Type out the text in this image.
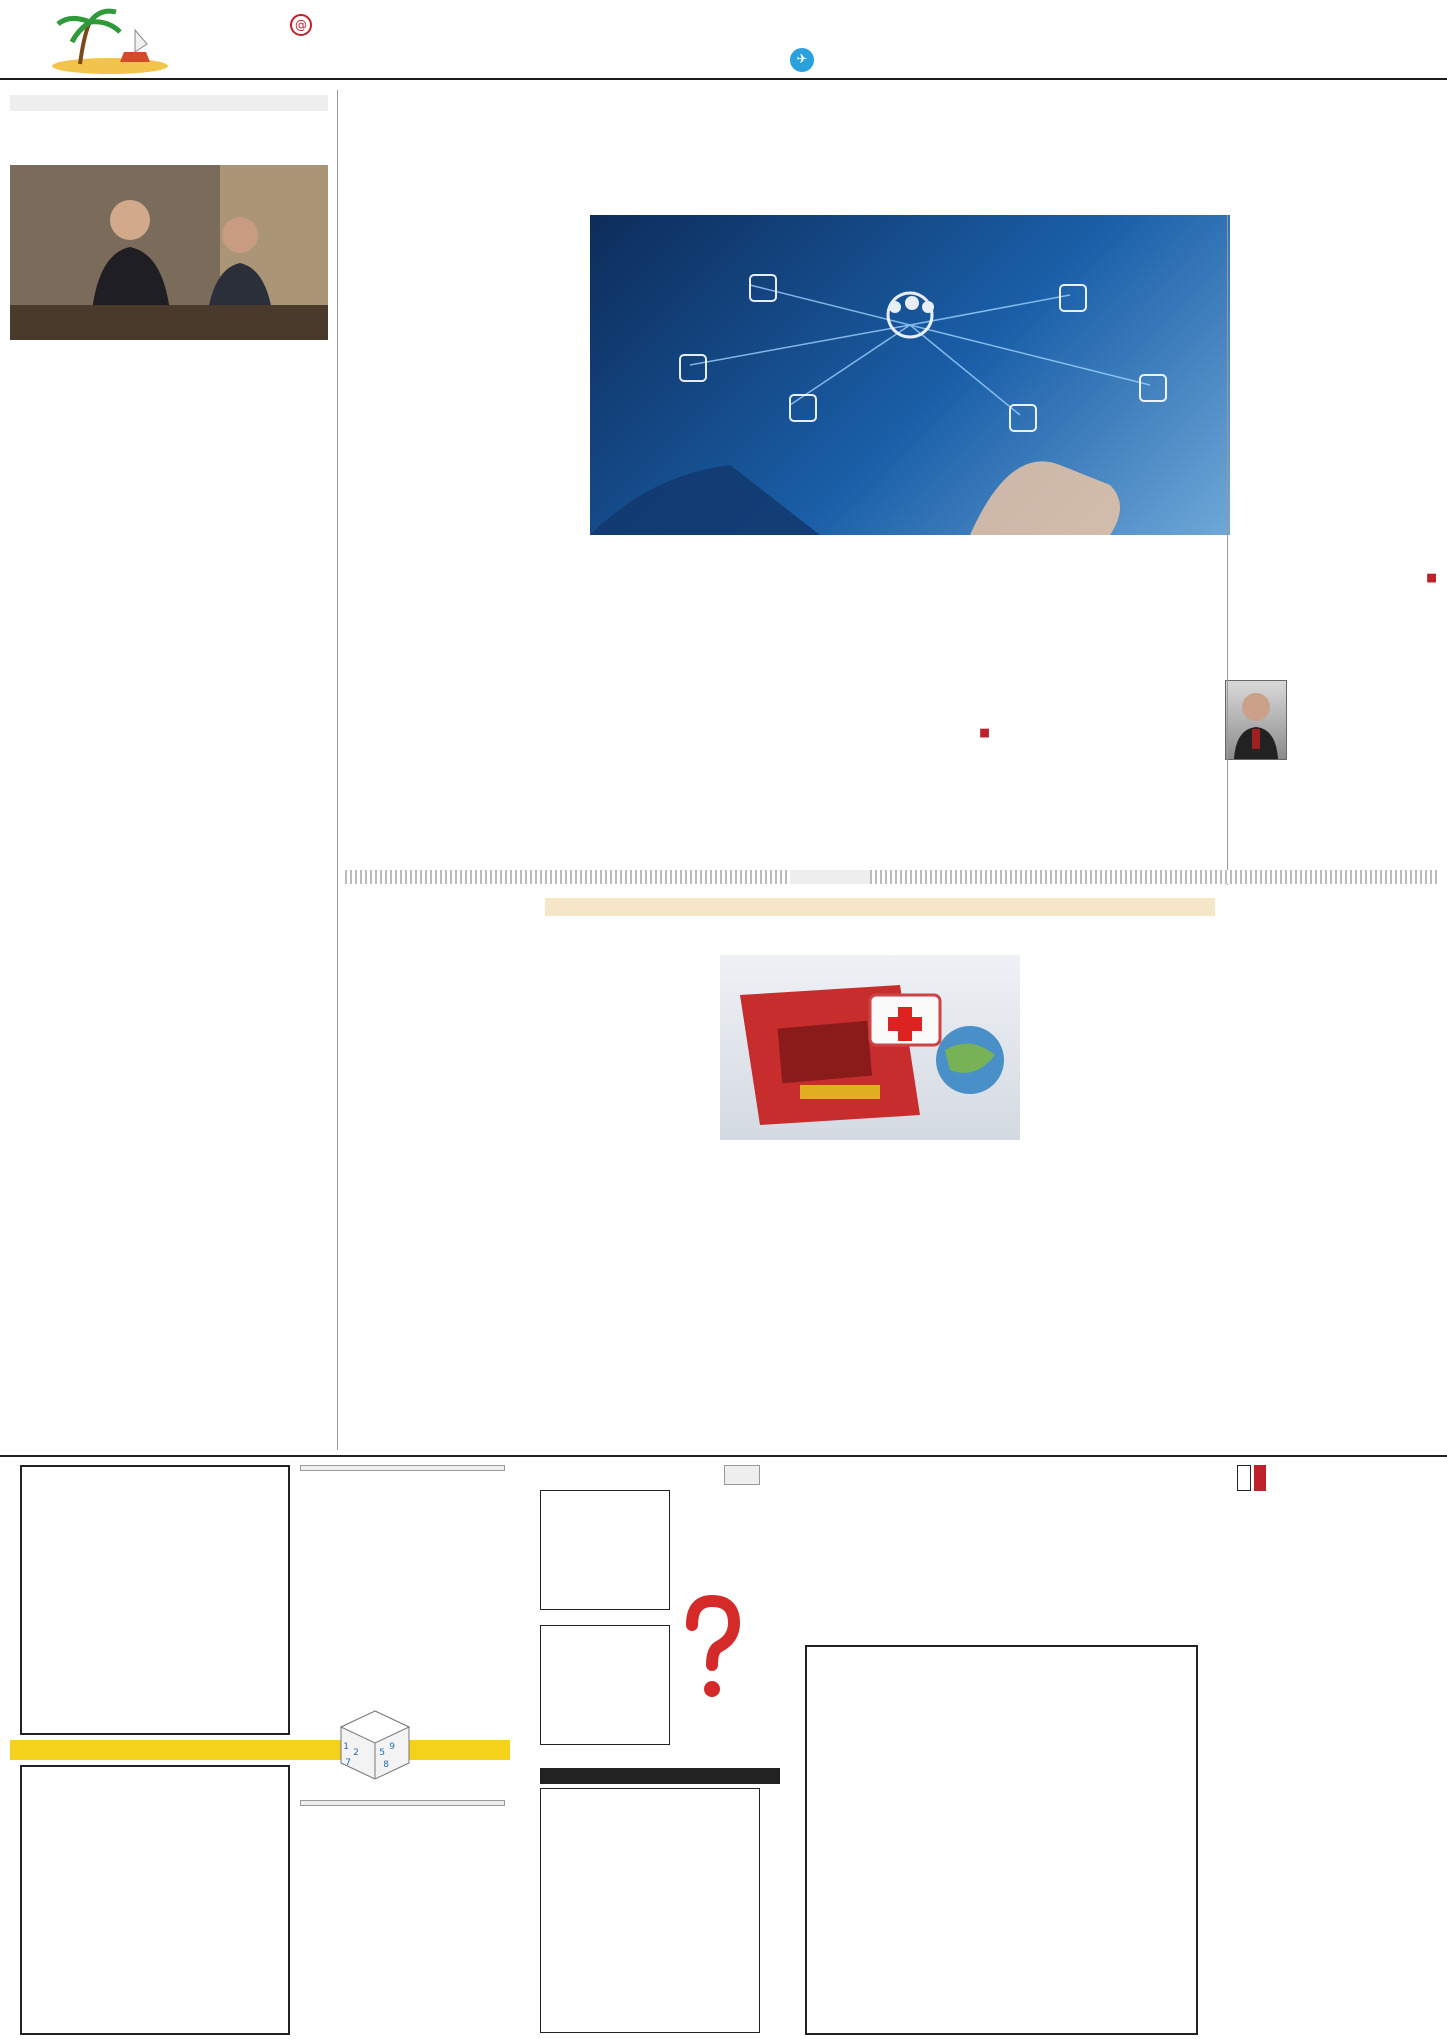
✈
@

■

■

1
2 5
9
7	8
